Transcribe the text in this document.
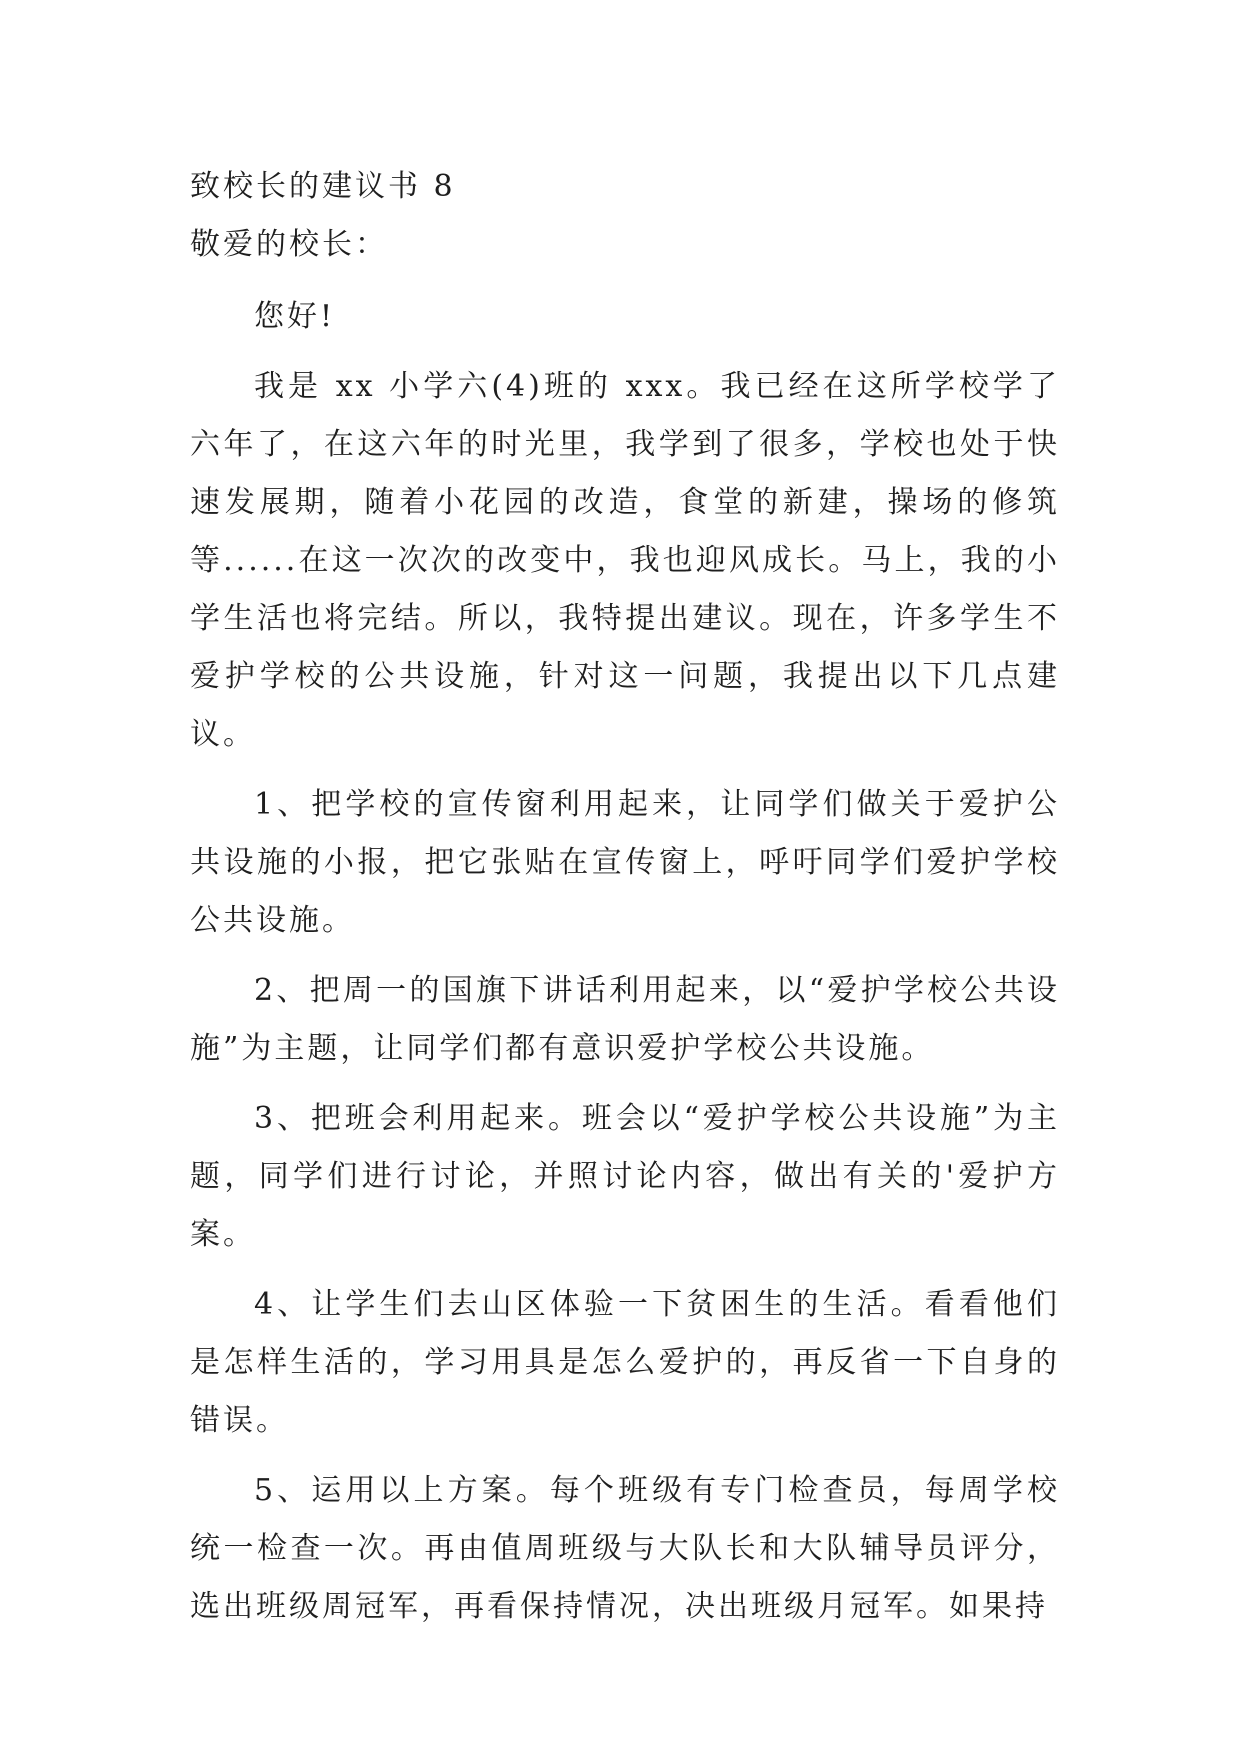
致校长的建议书 8

敬爱的校长：

您好!

我是 xx 小学六(4)班的 xxx。我已经在这所学校学了六年了，在这六年的时光里，我学到了很多，学校也处于快速发展期，随着小花园的改造，食堂的新建，操场的修筑等......在这一次次的改变中，我也迎风成长。马上，我的小学生活也将完结。所以，我特提出建议。现在，许多学生不爱护学校的公共设施，针对这一问题，我提出以下几点建议。

1、把学校的宣传窗利用起来，让同学们做关于爱护公共设施的小报，把它张贴在宣传窗上，呼吁同学们爱护学校公共设施。

2、把周一的国旗下讲话利用起来，以“爱护学校公共设施”为主题，让同学们都有意识爱护学校公共设施。

3、把班会利用起来。班会以“爱护学校公共设施”为主题，同学们进行讨论，并照讨论内容，做出有关的'爱护方案。

4、让学生们去山区体验一下贫困生的生活。看看他们是怎样生活的，学习用具是怎么爱护的，再反省一下自身的错误。

5、运用以上方案。每个班级有专门检查员，每周学校统一检查一次。再由值周班级与大队长和大队辅导员评分，选出班级周冠军，再看保持情况，决出班级月冠军。如果持
